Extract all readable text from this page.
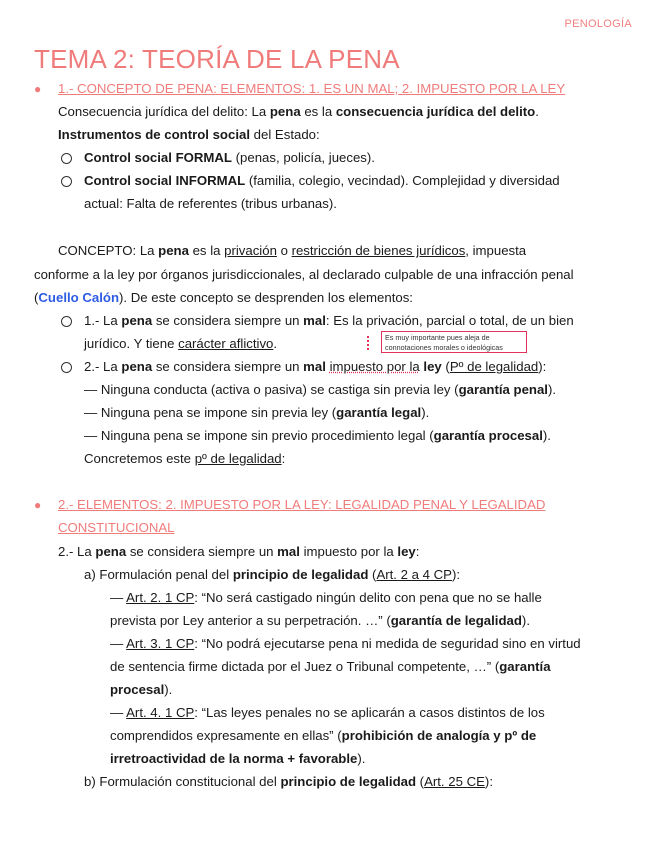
PENOLOGÍA
TEMA 2: TEORÍA DE LA PENA
● 1.- CONCEPTO DE PENA: ELEMENTOS: 1. ES UN MAL; 2. IMPUESTO POR LA LEY
Consecuencia jurídica del delito: La pena es la consecuencia jurídica del delito.
Instrumentos de control social del Estado:
Control social FORMAL (penas, policía, jueces).
Control social INFORMAL (familia, colegio, vecindad). Complejidad y diversidad
actual: Falta de referentes (tribus urbanas).
CONCEPTO: La pena es la privación o restricción de bienes jurídicos, impuesta
conforme a la ley por órganos jurisdiccionales, al declarado culpable de una infracción penal
(Cuello Calón). De este concepto se desprenden los elementos:
1.- La pena se considera siempre un mal: Es la privación, parcial o total, de un bien
jurídico. Y tiene carácter aflictivo.	Es muy importante pues aleja de connotaciones morales o ideológicas
2.- La pena se considera siempre un mal impuesto por la ley (Pº de legalidad):
— Ninguna conducta (activa o pasiva) se castiga sin previa ley (garantía penal).
— Ninguna pena se impone sin previa ley (garantía legal).
— Ninguna pena se impone sin previo procedimiento legal (garantía procesal).
Concretemos este pº de legalidad:
● 2.- ELEMENTOS: 2. IMPUESTO POR LA LEY: LEGALIDAD PENAL Y LEGALIDAD
CONSTITUCIONAL
2.- La pena se considera siempre un mal impuesto por la ley:
a) Formulación penal del principio de legalidad (Art. 2 a 4 CP):
— Art. 2. 1 CP: “No será castigado ningún delito con pena que no se halle
prevista por Ley anterior a su perpetración. …” (garantía de legalidad).
— Art. 3. 1 CP: “No podrá ejecutarse pena ni medida de seguridad sino en virtud
de sentencia firme dictada por el Juez o Tribunal competente, …” (garantía
procesal).
— Art. 4. 1 CP: “Las leyes penales no se aplicarán a casos distintos de los
comprendidos expresamente en ellas” (prohibición de analogía y pº de
irretroactividad de la norma + favorable).
b) Formulación constitucional del principio de legalidad (Art. 25 CE):
